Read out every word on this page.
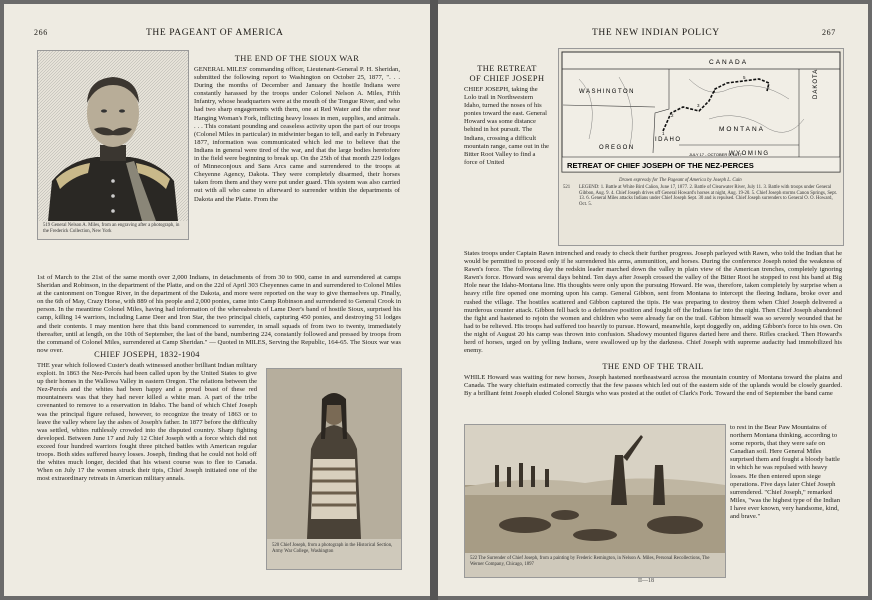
266	THE PAGEANT OF AMERICA
519 General Nelson A. Miles, from an engraving after a photograph, in the Frederick Collection, New York
THE END OF THE SIOUX WAR

GENERAL MILES' commanding officer, Lieutenant-General P. H. Sheridan, submitted the following report to Washington on October 25, 1877, ". . . During the months of December and January the hostile Indians were constantly harassed by the troops under Colonel Nelson A. Miles, Fifth Infantry, whose headquarters were at the mouth of the Tongue River, and who had two sharp engagements with them, one at Red Water and the other near Hanging Woman's Fork, inflicting heavy losses in men, supplies, and animals. . . . This constant pounding and ceaseless activity upon the part of our troops (Colonel Miles in particular) in midwinter began to tell, and early in February 1877, information was communicated which led me to believe that the Indians in general were tired of the war, and that the large bodies heretofore in the field were beginning to break up. On the 25th of that month 229 lodges of Minneconjoux and Sans Arcs came and surrendered to the troops at Cheyenne Agency, Dakota. They were completely disarmed, their horses taken from them and they were put under guard. This system was also carried out with all who came in afterward to surrender within the departments of Dakota and the Platte. From the

1st of March to the 21st of the same month over 2,000 Indians, in detachments of from 30 to 900, came in and surrendered at camps Sheridan and Robinson, in the department of the Platte, and on the 22d of April 303 Cheyennes came in and surrendered to Colonel Miles at the cantonment on Tongue River, in the department of the Dakota, and more were reported on the way to give themselves up. Finally, on the 6th of May, Crazy Horse, with 889 of his people and 2,000 ponies, came into Camp Robinson and surrendered to General Crook in person. In the meantime Colonel Miles, having had information of the whereabouts of Lame Deer's band of hostile Sioux, surprised his camp, killing 14 warriors, including Lame Deer and Iron Star, the two principal chiefs, capturing 450 ponies, and destroying 51 lodges and their contents. I may mention here that this band commenced to surrender, in small squads of from two to twenty, immediately thereafter, until at length, on the 10th of September, the last of the band, numbering 224, constantly followed and pressed by troops from the command of Colonel Miles, surrendered at Camp Sheridan." — Quoted in MILES, Serving the Republic, 164-65. The Sioux war was now over.	CHIEF JOSEPH, 1832-1904

THE year which followed Custer's death witnessed another brilliant Indian military exploit. In 1863 the Nez-Percés had been called upon by the United States to give up their homes in the Wallowa Valley in eastern Oregon. The relations between the Nez-Percés and the whites had been happy and a proud boast of these red mountaineers was that they had never killed a white man. A part of the tribe covenanted to remove to a reservation in Idaho. The band of which Chief Joseph was the principal figure refused, however, to recognize the treaty of 1863 or to leave the valley where lay the ashes of Joseph's father. In 1877 before the difficulty was settled, whites ruthlessly crowded into the disputed country. Sharp fighting developed. Between June 17 and July 12 Chief Joseph with a force which did not exceed four hundred warriors fought three pitched battles with American regular troops. Both sides suffered heavy losses. Joseph, finding that he could not hold off the whites much longer, decided that his wisest course was to flee to Canada. When on July 17 the women struck their tipis, Chief Joseph initiated one of the most extraordinary retreats in American military annals.

520 Chief Joseph, from a photograph in the Historical Section, Army War College, Washington
THE NEW INDIAN POLICY	267
THE RETREAT
OF CHIEF JOSEPH

CHIEF JOSEPH, taking the Lolo trail in Northwestern Idaho, turned the noses of his ponies toward the east. General Howard was some distance behind in hot pursuit. The Indians, crossing a difficult mountain range, came out in the Bitter Root Valley to find a force of United

1
2
3
4
5
6
CANADA
WASHINGTON
OREGON
IDAHO
MONTANA
WYOMING
DAKOTA
RETREAT OF CHIEF JOSEPH OF THE NEZ-PERCES
JULY 17 - OCTOBER 5, 1877
Drawn expressly for The Pageant of America by Joseph L. Cain
521	LEGEND: 1. Battle at White Bird Cañon, June 17, 1877. 2. Battle of Clearwater River, July 11. 3. Battle with troops under General Gibbon, Aug. 9. 4. Chief Joseph drives off General Howard's horses at night, Aug. 19-20. 5. Chief Joseph storms Canon Springs, Sept. 13. 6. General Miles attacks Indians under Chief Joseph Sept. 30 and is repulsed. Chief Joseph surrenders to General O. O. Howard, Oct. 5.

States troops under Captain Rawn intrenched and ready to check their further progress. Joseph parleyed with Rawn, who told the Indian that he would be permitted to proceed only if he surrendered his arms, ammunition, and horses. During the conference Joseph noted the weakness of Rawn's force. The following day the redskin leader marched down the valley in plain view of the American trenches, completely ignoring Rawn's force. Howard was several days behind. Ten days after Joseph crossed the valley of the Bitter Root he stopped to rest his band at Big Hole near the Idaho-Montana line. His thoughts were only upon the pursuing Howard. He was, therefore, taken completely by surprise when a heavy rifle fire opened one morning upon his camp. General Gibbon, sent from Montana to intercept the fleeing Indians, broke over and rushed the village. The hostiles scattered and Gibbon captured the tipis. He was preparing to destroy them when Chief Joseph delivered a murderous counter attack. Gibbon fell back to a defensive position and fought off the Indians far into the night. Then Chief Joseph abandoned the fight and hastened to rejoin the women and children who were already far on the trail. Gibbon himself was so severely wounded that he had to be relieved. His troops had suffered too heavily to pursue. Howard, meanwhile, kept doggedly on, adding Gibbon's force to his own. On the night of August 20 his camp was thrown into confusion. Shadowy mounted figures darted here and there. Rifles cracked. Then Howard's herd of horses, urged on by yelling Indians, were swallowed up by the darkness. Chief Joseph with supreme audacity had immobilized his enemy.

THE END OF THE TRAIL

WHILE Howard was waiting for new horses, Joseph hastened northeastward across the mountain country of Montana toward the plains and Canada. The wary chieftain estimated correctly that the few passes which led out of the eastern side of the uplands would be closely guarded. By a brilliant feint Joseph eluded Colonel Sturgis who was posted at the outlet of Clark's Fork. Toward the end of September the band came

to rest in the Bear Paw Mountains of northern Montana thinking, according to some reports, that they were safe on Canadian soil. Here General Miles surprised them and fought a bloody battle in which he was repulsed with heavy losses. He then entered upon siege operations. Five days later Chief Joseph surrendered. "Chief Joseph," remarked Miles, "was the highest type of the Indian I have ever known, very handsome, kind, and brave."

522 The Surrender of Chief Joseph, from a painting by Frederic Remington, in Nelson A. Miles, Personal Recollections, The Werner Company, Chicago, 1897
II—18
